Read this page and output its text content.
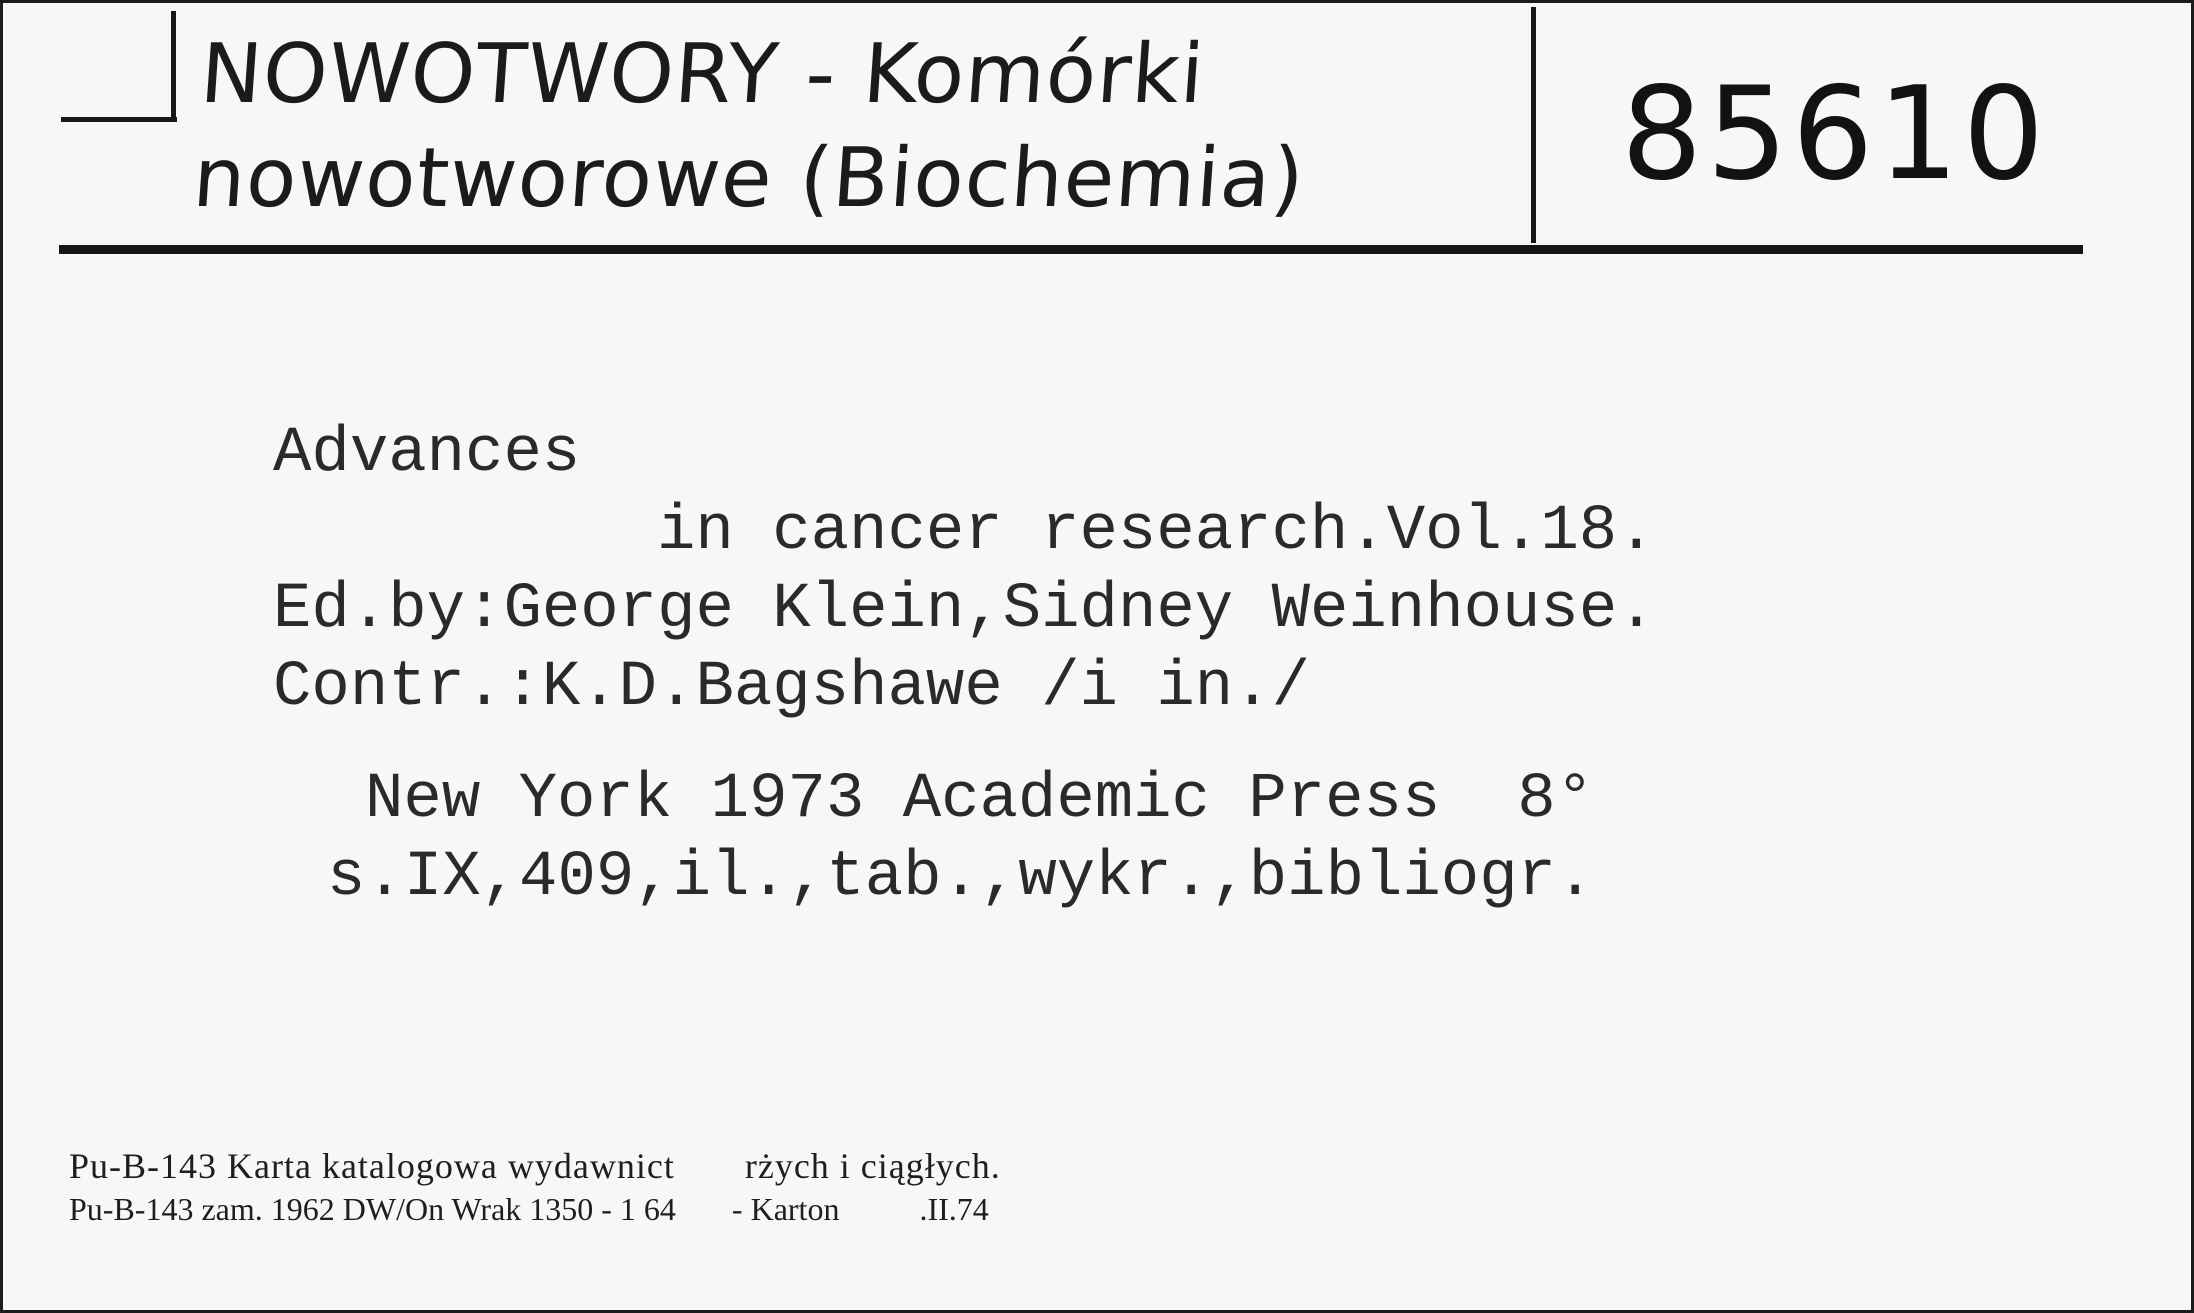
NOWOTWORY - Komórki
nowotworowe (Biochemia)	85610
Advances
in cancer research.Vol.18.
Ed.by:George Klein,Sidney Weinhouse.
Contr.:K.D.Bagshawe /i in./
New York 1973 Academic Press  8°
s.IX,409,il.,tab.,wykr.,bibliogr.
Pu-B-143 Karta katalogowa wydawnict       rżych i ciągłych.
Pu-B-143 zam. 1962 DW/On Wrak 1350 - 1 64       - Karton          .II.74
